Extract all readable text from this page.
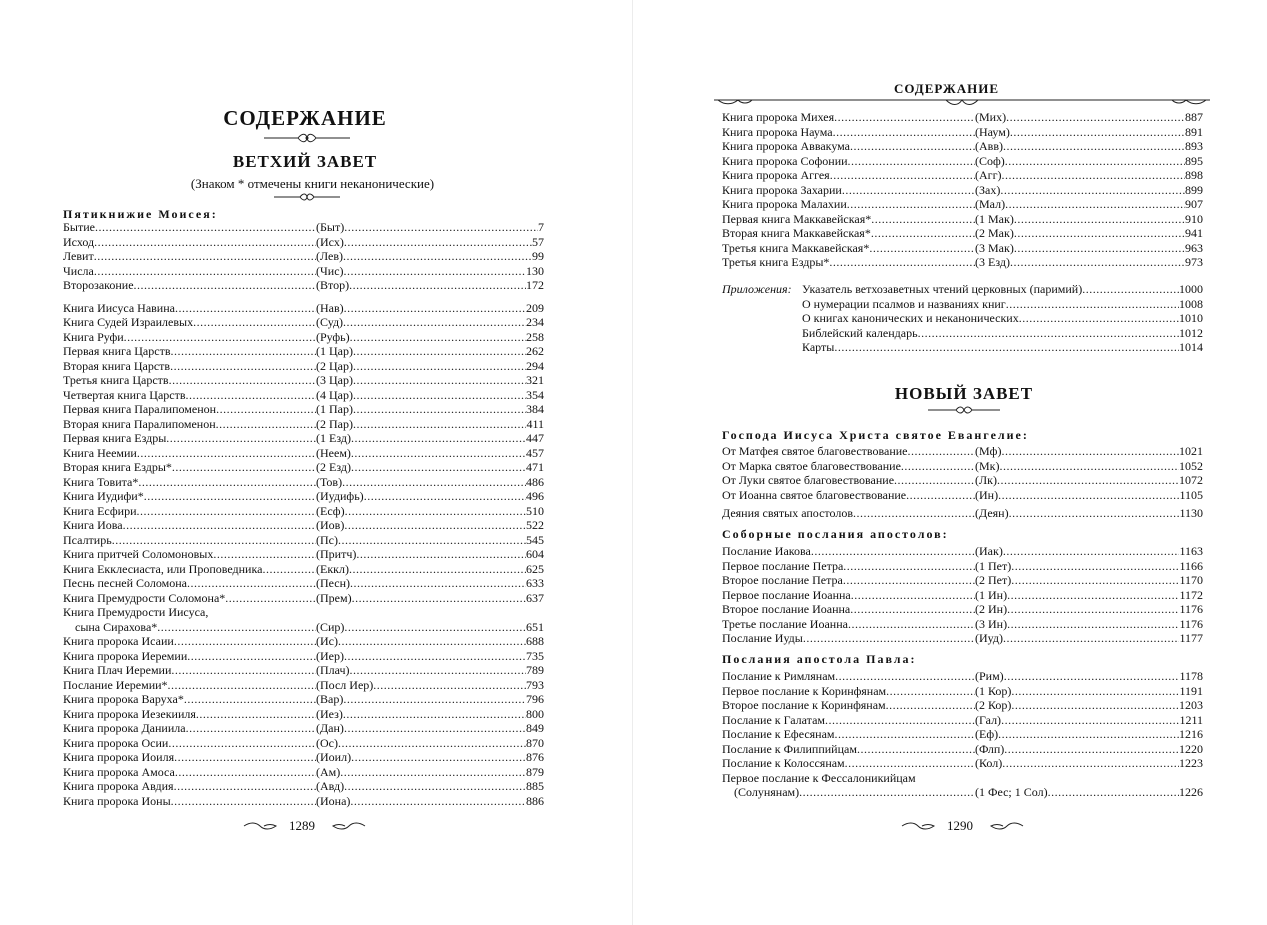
СОДЕРЖАНИЕ
ВЕТХИЙ ЗАВЕТ
(Знаком * отмечены книги неканонические)
Пятикнижие Моисея:
Бытие .....	(Быт) .....	7
Исход .....	(Исх) .....	57
Левит .....	(Лев) .....	99
Числа .....	(Чис) .....	130
Второзаконие .....	(Втор) .....	172
Книга Иисуса Навина .....	(Нав) .....	209
Книга Судей Израилевых .....	(Суд) .....	234
Книга Руфи .....	(Руфь) .....	258
Первая книга Царств .....	(1 Цар) .....	262
Вторая книга Царств .....	(2 Цар) .....	294
Третья книга Царств .....	(3 Цар) .....	321
Четвертая книга Царств .....	(4 Цар) .....	354
Первая книга Паралипоменон .....	(1 Пар) .....	384
Вторая книга Паралипоменон .....	(2 Пар) .....	411
Первая книга Ездры .....	(1 Езд) .....	447
Книга Неемии .....	(Неем) .....	457
Вторая книга Ездры* .....	(2 Езд) .....	471
Книга Товита* .....	(Тов) .....	486
Книга Иудифи* .....	(Иудифь) .....	496
Книга Есфири .....	(Есф) .....	510
Книга Иова .....	(Иов) .....	522
Псалтирь .....	(Пс) .....	545
Книга притчей Соломоновых .....	(Притч) .....	604
Книга Екклесиаста, или Проповедника .....	(Еккл) .....	625
Песнь песней Соломона .....	(Песн) .....	633
Книга Премудрости Соломона* .....	(Прем) .....	637
Книга Премудрости Иисуса,
сына Сирахова* .....	(Сир) .....	651
Книга пророка Исаии .....	(Ис) .....	688
Книга пророка Иеремии .....	(Иер) .....	735
Книга Плач Иеремии .....	(Плач) .....	789
Послание Иеремии* .....	(Посл Иер) .....	793
Книга пророка Варуха* .....	(Вар) .....	796
Книга пророка Иезекииля .....	(Иез) .....	800
Книга пророка Даниила .....	(Дан) .....	849
Книга пророка Осии .....	(Ос) .....	870
Книга пророка Иоиля .....	(Иоил) .....	876
Книга пророка Амоса .....	(Ам) .....	879
Книга пророка Авдия .....	(Авд) .....	885
Книга пророка Ионы .....	(Иона) .....	886
1289
СОДЕРЖАНИЕ
Книга пророка Михея .....	(Мих) .....	887
Книга пророка Наума .....	(Наум) .....	891
Книга пророка Аввакума .....	(Авв) .....	893
Книга пророка Софонии .....	(Соф) .....	895
Книга пророка Аггея .....	(Агг) .....	898
Книга пророка Захарии .....	(Зах) .....	899
Книга пророка Малахии .....	(Мал) .....	907
Первая книга Маккавейская* .....	(1 Мак) .....	910
Вторая книга Маккавейская* .....	(2 Мак) .....	941
Третья книга Маккавейская* .....	(3 Мак) .....	963
Третья книга Ездры* .....	(3 Езд) .....	973
Приложения: Указатель ветхозаветных чтений церковных (паримий) .....	1000
О нумерации псалмов и названиях книг .....	1008
О книгах канонических и неканонических .....	1010
Библейский календарь .....	1012
Карты .....	1014
НОВЫЙ ЗАВЕТ
Господа Иисуса Христа святое Евангелие:
От Матфея святое благовествование .....	(Мф) .....	1021
От Марка святое благовествование .....	(Мк) .....	1052
От Луки святое благовествование .....	(Лк) .....	1072
От Иоанна святое благовествование .....	(Ин) .....	1105
Деяния святых апостолов .....	(Деян) .....	1130
Соборные послания апостолов:
Послание Иакова .....	(Иак) .....	1163
Первое послание Петра .....	(1 Пет) .....	1166
Второе послание Петра .....	(2 Пет) .....	1170
Первое послание Иоанна .....	(1 Ин) .....	1172
Второе послание Иоанна .....	(2 Ин) .....	1176
Третье послание Иоанна .....	(3 Ин) .....	1176
Послание Иуды .....	(Иуд) .....	1177
Послания апостола Павла:
Послание к Римлянам .....	(Рим) .....	1178
Первое послание к Коринфянам .....	(1 Кор) .....	1191
Второе послание к Коринфянам .....	(2 Кор) .....	1203
Послание к Галатам .....	(Гал) .....	1211
Послание к Ефесянам .....	(Еф) .....	1216
Послание к Филиппийцам .....	(Флп) .....	1220
Послание к Колоссянам .....	(Кол) .....	1223
Первое послание к Фессалоникийцам
(Солунянам) .....	(1 Фес; 1 Сол) .....	1226
1290
